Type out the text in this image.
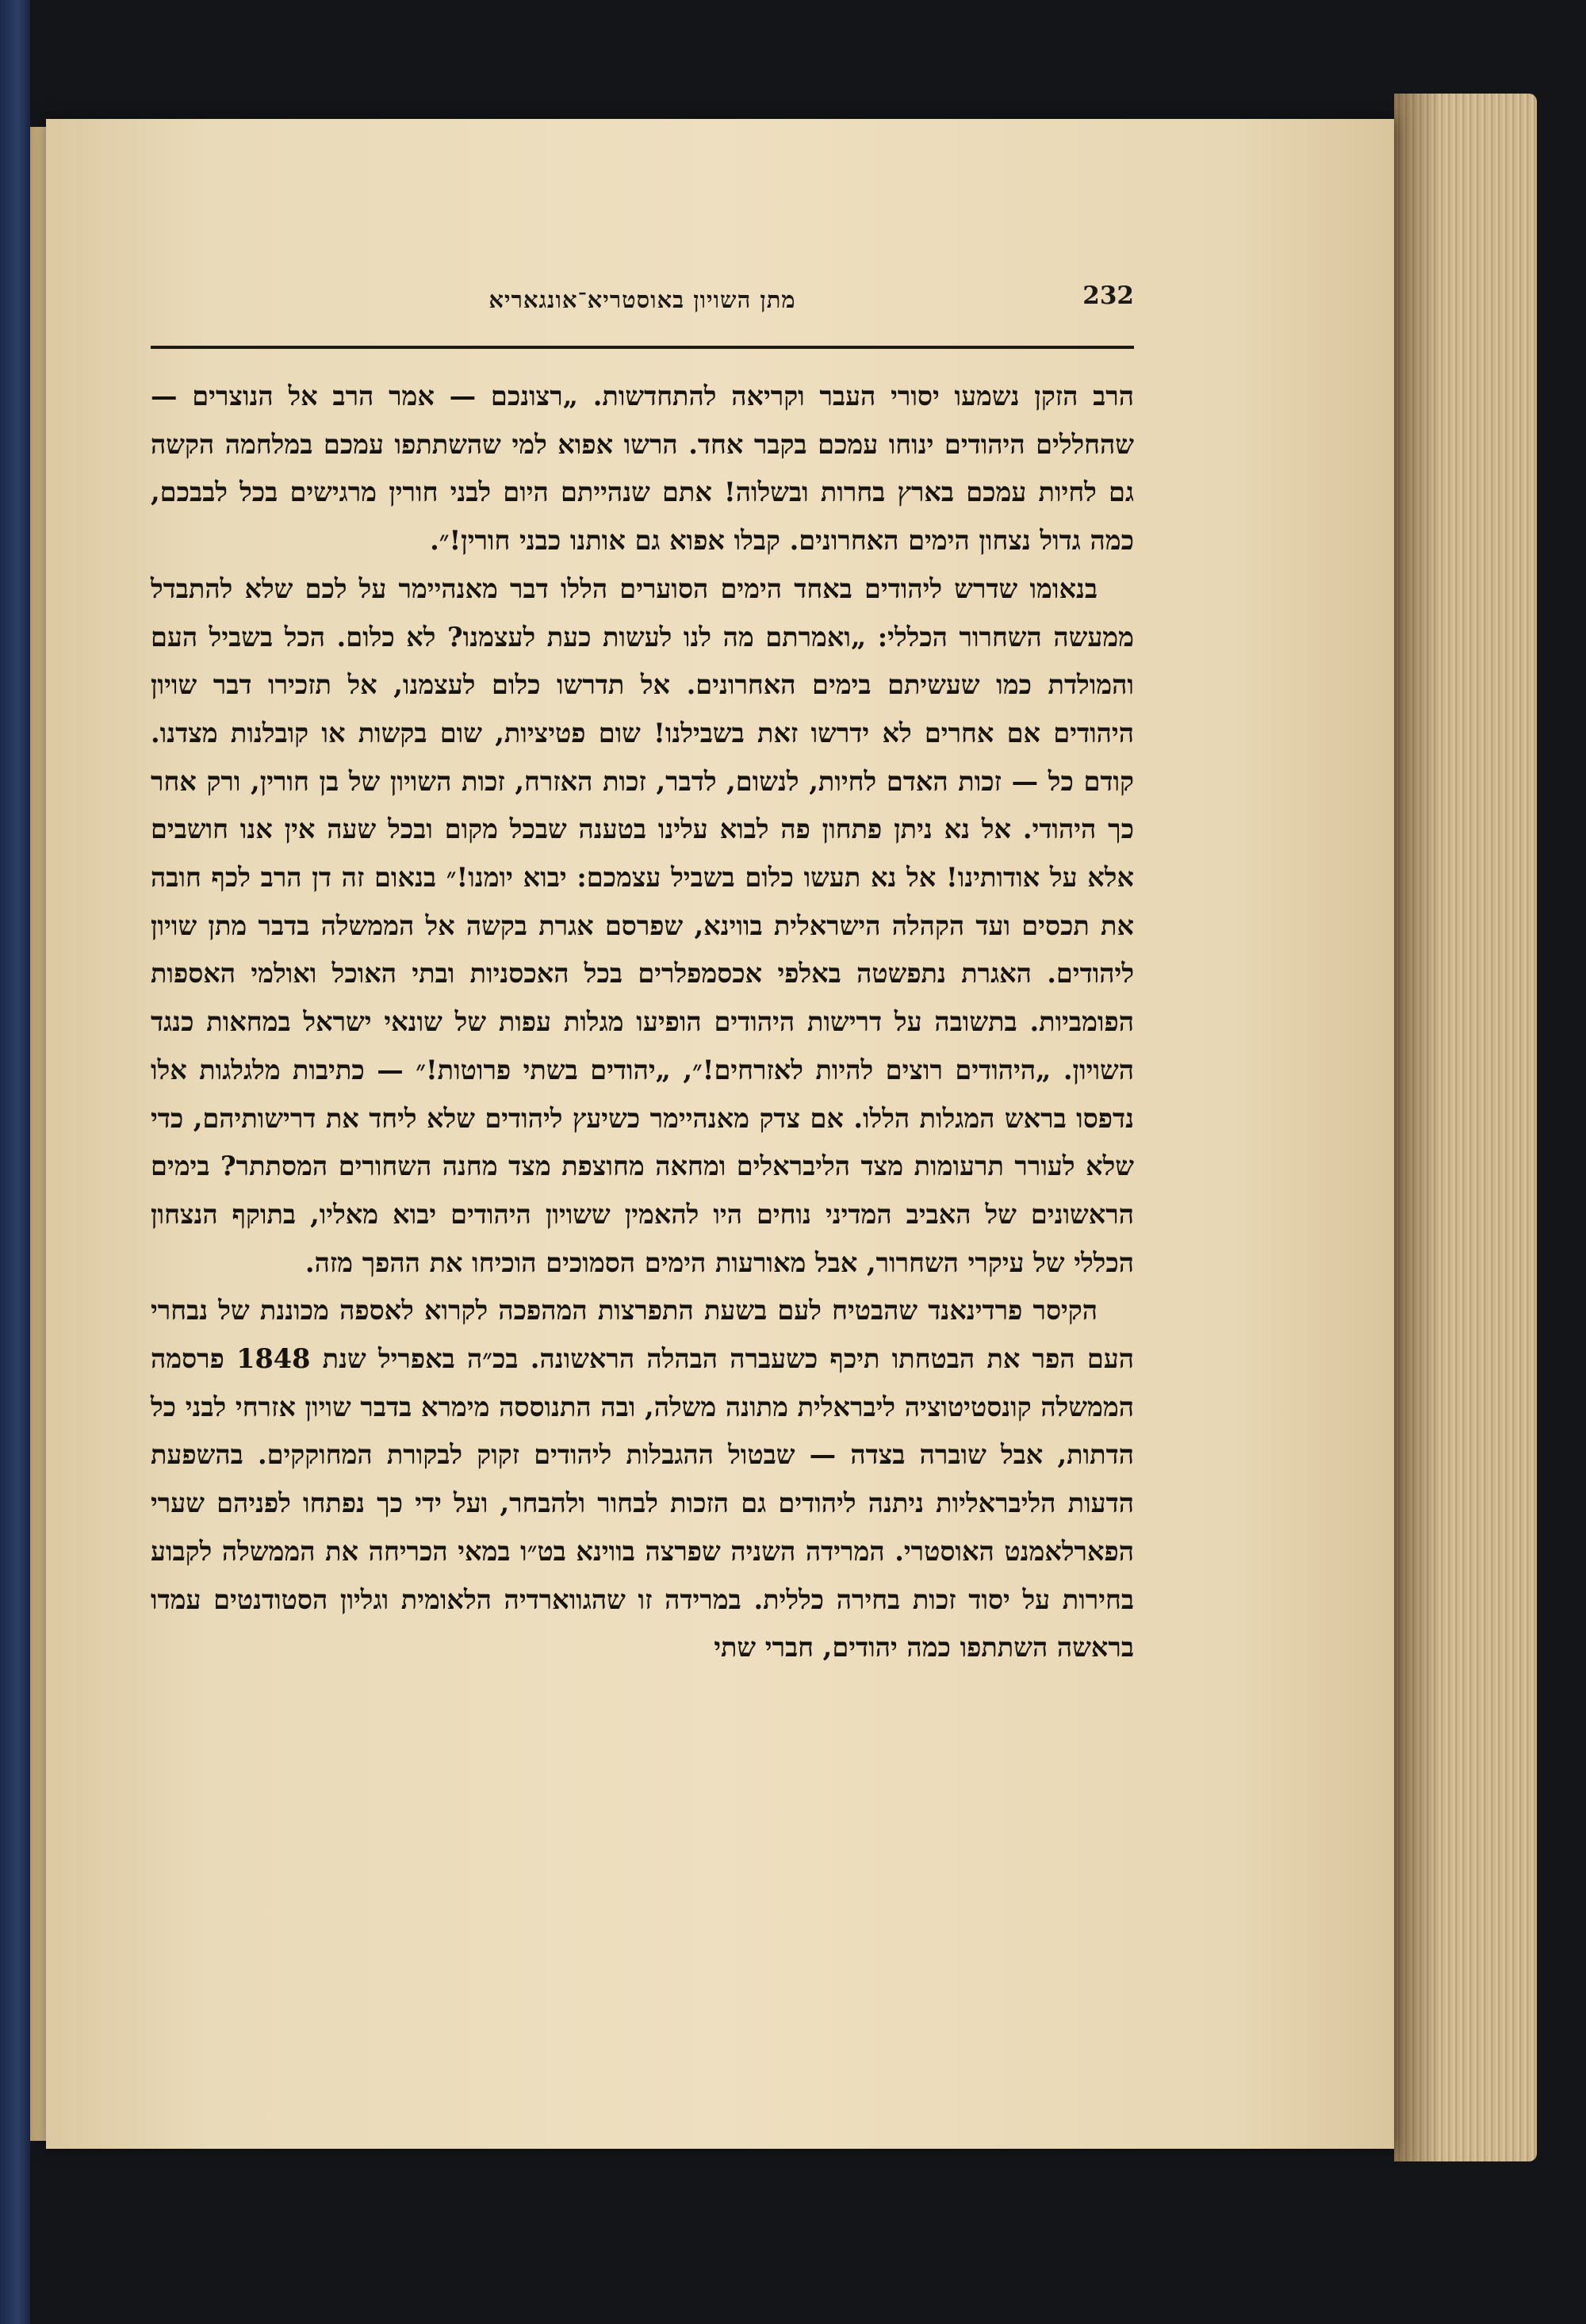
232
מתן השויון באוסטריא־אונגאריא

הרב הזקן נשמעו יסורי העבר וקריאה להתחדשות. „רצונכם — אמר הרב אל הנוצרים — שהחללים היהודים ינוחו עמכם בקבר אחד. הרשו אפוא למי שהשתתפו עמכם במלחמה הקשה גם לחיות עמכם בארץ בחרות ובשלוה! אתם שנהייתם היום לבני חורין מרגישים בכל לבבכם, כמה גדול נצחון הימים האחרונים. קבלו אפוא גם אותנו כבני חורין!״.

בנאומו שדרש ליהודים באחד הימים הסוערים הללו דבר מאנהיימר על לכם שלא להתבדל ממעשה השחרור הכללי: „ואמרתם מה לנו לעשות כעת לעצמנו? לא כלום. הכל בשביל העם והמולדת כמו שעשיתם בימים האחרונים. אל תדרשו כלום לעצמנו, אל תזכירו דבר שויון היהודים אם אחרים לא ידרשו זאת בשבילנו! שום פטיציות, שום בקשות או קובלנות מצדנו. קודם כל — זכות האדם לחיות, לנשום, לדבר, זכות האזרח, זכות השויון של בן חורין, ורק אחר כך היהודי. אל נא ניתן פתחון פה לבוא עלינו בטענה שבכל מקום ובכל שעה אין אנו חושבים אלא על אודותינו! אל נא תעשו כלום בשביל עצמכם: יבוא יומנו!״ בנאום זה דן הרב לכף חובה את תכסים ועד הקהלה הישראלית בווינא, שפרסם אגרת בקשה אל הממשלה בדבר מתן שויון ליהודים. האגרת נתפשטה באלפי אכסמפלרים בכל האכסניות ובתי האוכל ואולמי האספות הפומביות. בתשובה על דרישות היהודים הופיעו מגלות עפות של שונאי ישראל במחאות כנגד השויון. „היהודים רוצים להיות לאזרחים!״, „יהודים בשתי פרוטות!״ — כתיבות מלגלגות אלו נדפסו בראש המגלות הללו. אם צדק מאנהיימר כשיעץ ליהודים שלא ליחד את דרישותיהם, כדי שלא לעורר תרעומות מצד הליבראלים ומחאה מחוצפת מצד מחנה השחורים המסתתר? בימים הראשונים של האביב המדיני נוחים היו להאמין ששויון היהודים יבוא מאליו, בתוקף הנצחון הכללי של עיקרי השחרור, אבל מאורעות הימים הסמוכים הוכיחו את ההפך מזה.

הקיסר פרדינאנד שהבטיח לעם בשעת התפרצות המהפכה לקרוא לאספה מכוננת של נבחרי העם הפר את הבטחתו תיכף כשעברה הבהלה הראשונה. בכ״ה באפריל שנת 1848 פרסמה הממשלה קונסטיטוציה ליבראלית מתונה משלה, ובה התנוססה מימרא בדבר שויון אזרחי לבני כל הדתות, אבל שוברה בצדה — שבטול ההגבלות ליהודים זקוק לבקורת המחוקקים. בהשפעת הדעות הליבראליות ניתנה ליהודים גם הזכות לבחור ולהבחר, ועל ידי כך נפתחו לפניהם שערי הפארלאמנט האוסטרי. המרידה השניה שפרצה בווינא בט״ו במאי הכריחה את הממשלה לקבוע בחירות על יסוד זכות בחירה כללית. במרידה זו שהגווארדיה הלאומית וגליון הסטודנטים עמדו בראשה השתתפו כמה יהודים, חברי שתי
